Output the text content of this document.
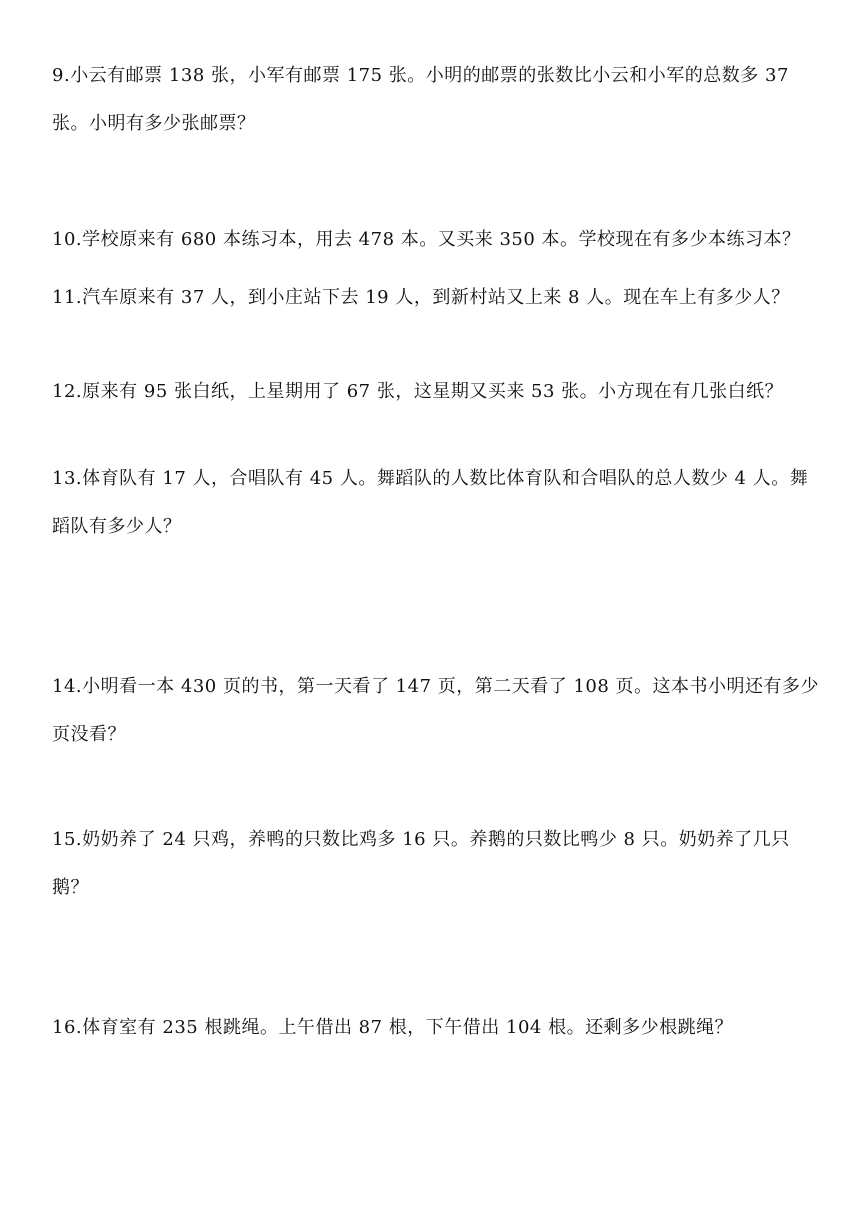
9.小云有邮票 138 张，小军有邮票 175 张。小明的邮票的张数比小云和小军的总数多 37 张。小明有多少张邮票？

10.学校原来有 680 本练习本，用去 478 本。又买来 350 本。学校现在有多少本练习本？

11.汽车原来有 37 人，到小庄站下去 19 人，到新村站又上来 8 人。现在车上有多少人？

12.原来有 95 张白纸，上星期用了 67 张，这星期又买来 53 张。小方现在有几张白纸？

13.体育队有 17 人，合唱队有 45 人。舞蹈队的人数比体育队和合唱队的总人数少 4 人。舞蹈队有多少人？

14.小明看一本 430 页的书，第一天看了 147 页，第二天看了 108 页。这本书小明还有多少页没看？

15.奶奶养了 24 只鸡，养鸭的只数比鸡多 16 只。养鹅的只数比鸭少 8 只。奶奶养了几只鹅？

16.体育室有 235 根跳绳。上午借出 87 根，下午借出 104 根。还剩多少根跳绳？
